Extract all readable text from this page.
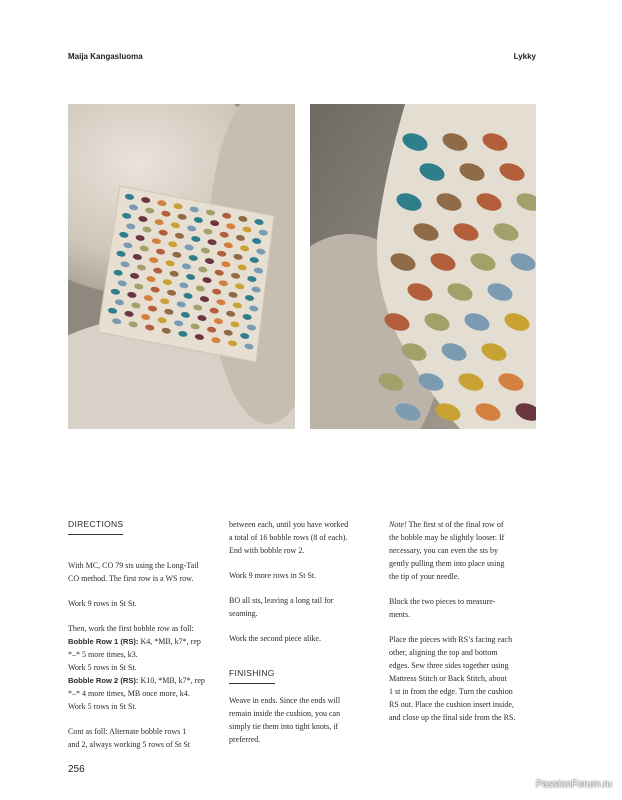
Maija Kangasluoma	Lykky
DIRECTIONS

With MC, CO 79 sts using the Long-Tail
CO method. The first row is a WS row.

Work 9 rows in St St.

Then, work the first bobble row as foll:
Bobble Row 1 (RS): K4, *MB, k7*, rep
*–* 5 more times, k3.
Work 5 rows in St St.
Bobble Row 2 (RS): K10, *MB, k7*, rep
*–* 4 more times, MB once more, k4.
Work 5 rows in St St.

Cont as foll: Alternate bobble rows 1
and 2, always working 5 rows of St St

between each, until you have worked
a total of 16 bobble rows (8 of each).
End with bobble row 2.

Work 9 more rows in St St.

BO all sts, leaving a long tail for
seaming.

Work the second piece alike.

FINISHING

Weave in ends. Since the ends will
remain inside the cushion, you can
simply tie them into tight knots, if
preferred.

Note! The first st of the final row of
the bobble may be slightly looser. If
necessary, you can even the sts by
gently pulling them into place using
the tip of your needle.

Block the two pieces to measure-
ments.

Place the pieces with RS’s facing each
other, aligning the top and bottom
edges. Sew three sides together using
Mattress Stitch or Back Stitch, about
1 st in from the edge. Turn the cushion
RS out. Place the cushion insert inside,
and close up the final side from the RS.

256
PassionForum.ru
